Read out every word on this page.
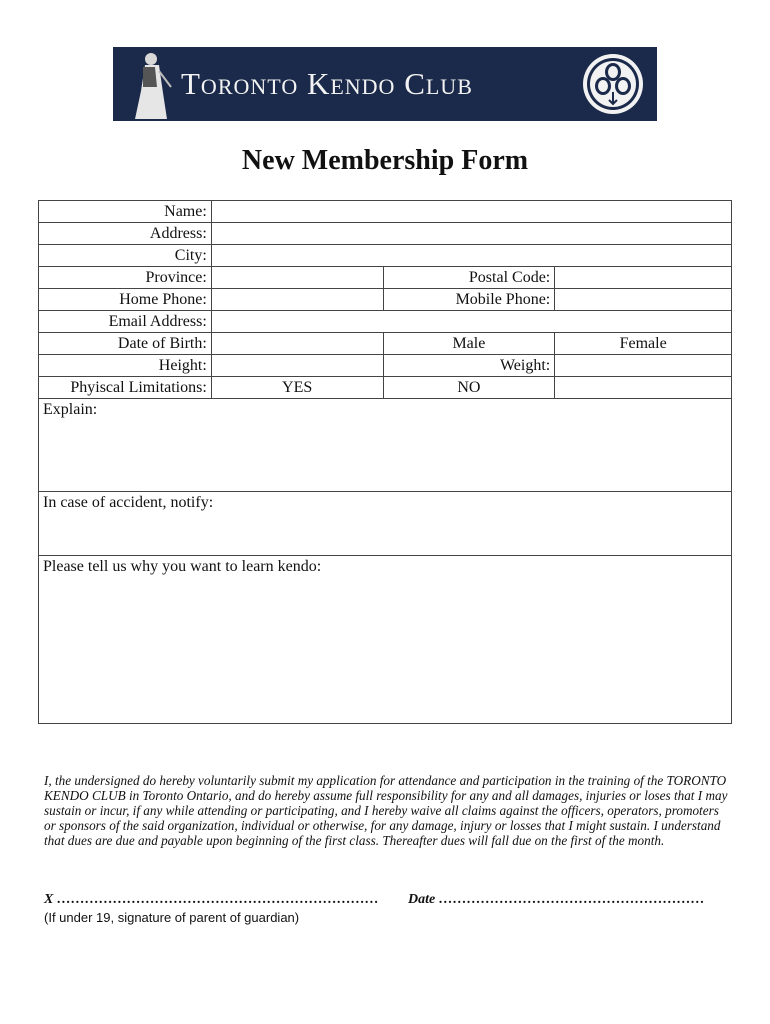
Toronto Kendo Club
New Membership Form
Name:			
Address:			
City:			
Province:		Postal Code:	
Home Phone:		Mobile Phone:	
Email Address:			
Date of Birth:		Male	Female
Height:		Weight:	
Phyiscal Limitations:	YES	NO	
Explain:			
In case of accident, notify:			
Please tell us why you want to learn kendo:			
I, the undersigned do hereby voluntarily submit my application for attendance and participation in the training of the TORONTO KENDO CLUB in Toronto Ontario, and do hereby assume full responsibility for any and all damages, injuries or loses that I may sustain or incur, if any while attending or participating, and I hereby waive all claims against the officers, operators, promoters or sponsors of the said organization, individual or otherwise, for any damage, injury or losses that I might sustain. I understand that dues are due and payable upon beginning of the first class. Thereafter dues will fall due on the first of the month.
X …………………………………………………………… Date …………………………………………………
(If under 19, signature of parent of guardian)
